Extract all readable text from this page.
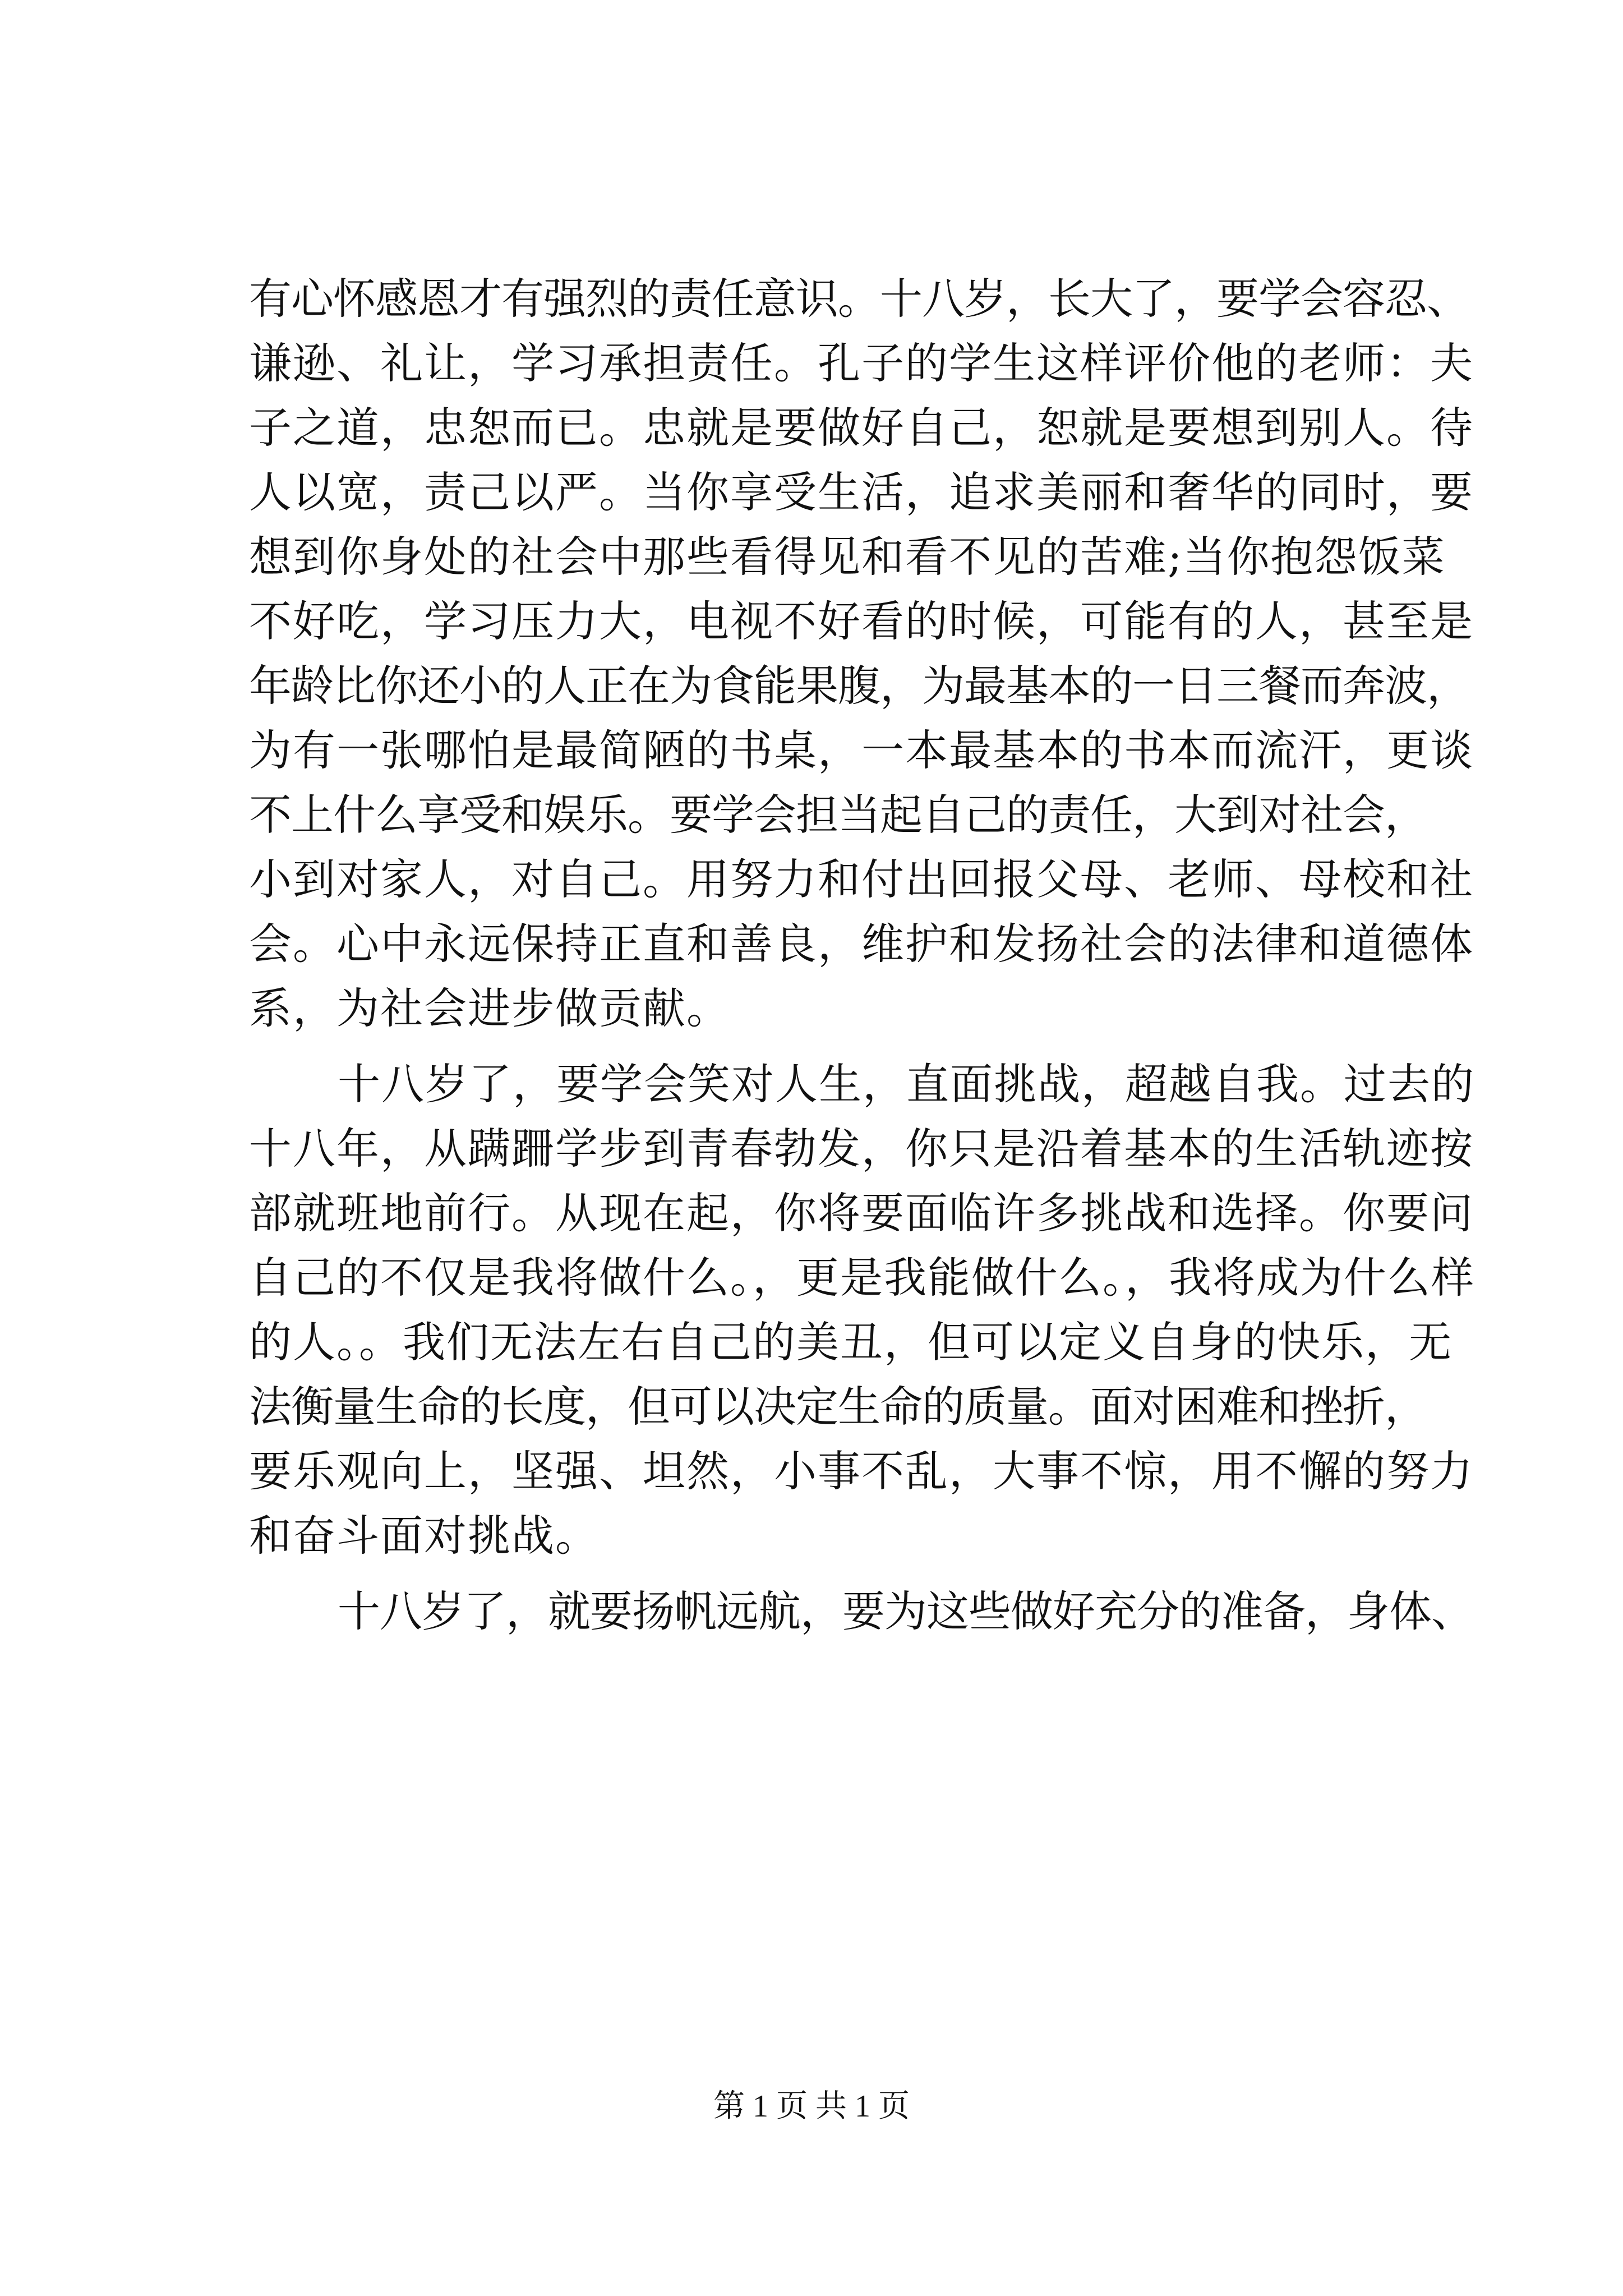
有心怀感恩才有强烈的责任意识。十八岁，长大了，要学会容忍、
谦逊、礼让，学习承担责任。孔子的学生这样评价他的老师：夫
子之道，忠恕而已。忠就是要做好自己，恕就是要想到别人。待
人以宽，责己以严。当你享受生活，追求美丽和奢华的同时，要
想到你身处的社会中那些看得见和看不见的苦难;当你抱怨饭菜
不好吃，学习压力大，电视不好看的时候，可能有的人，甚至是
年龄比你还小的人正在为食能果腹，为最基本的一日三餐而奔波，
为有一张哪怕是最简陋的书桌，一本最基本的书本而流汗，更谈
不上什么享受和娱乐。要学会担当起自己的责任，大到对社会，
小到对家人，对自己。用努力和付出回报父母、老师、母校和社
会。心中永远保持正直和善良，维护和发扬社会的法律和道德体
系，为社会进步做贡献。
十八岁了，要学会笑对人生，直面挑战，超越自我。过去的
十八年，从蹒跚学步到青春勃发，你只是沿着基本的生活轨迹按
部就班地前行。从现在起，你将要面临许多挑战和选择。你要问
自己的不仅是我将做什么。，更是我能做什么。，我将成为什么样
的人。。我们无法左右自己的美丑，但可以定义自身的快乐，无
法衡量生命的长度，但可以决定生命的质量。面对困难和挫折，
要乐观向上，坚强、坦然，小事不乱，大事不惊，用不懈的努力
和奋斗面对挑战。
十八岁了，就要扬帆远航，要为这些做好充分的准备，身体、
第 1 页 共 1 页
